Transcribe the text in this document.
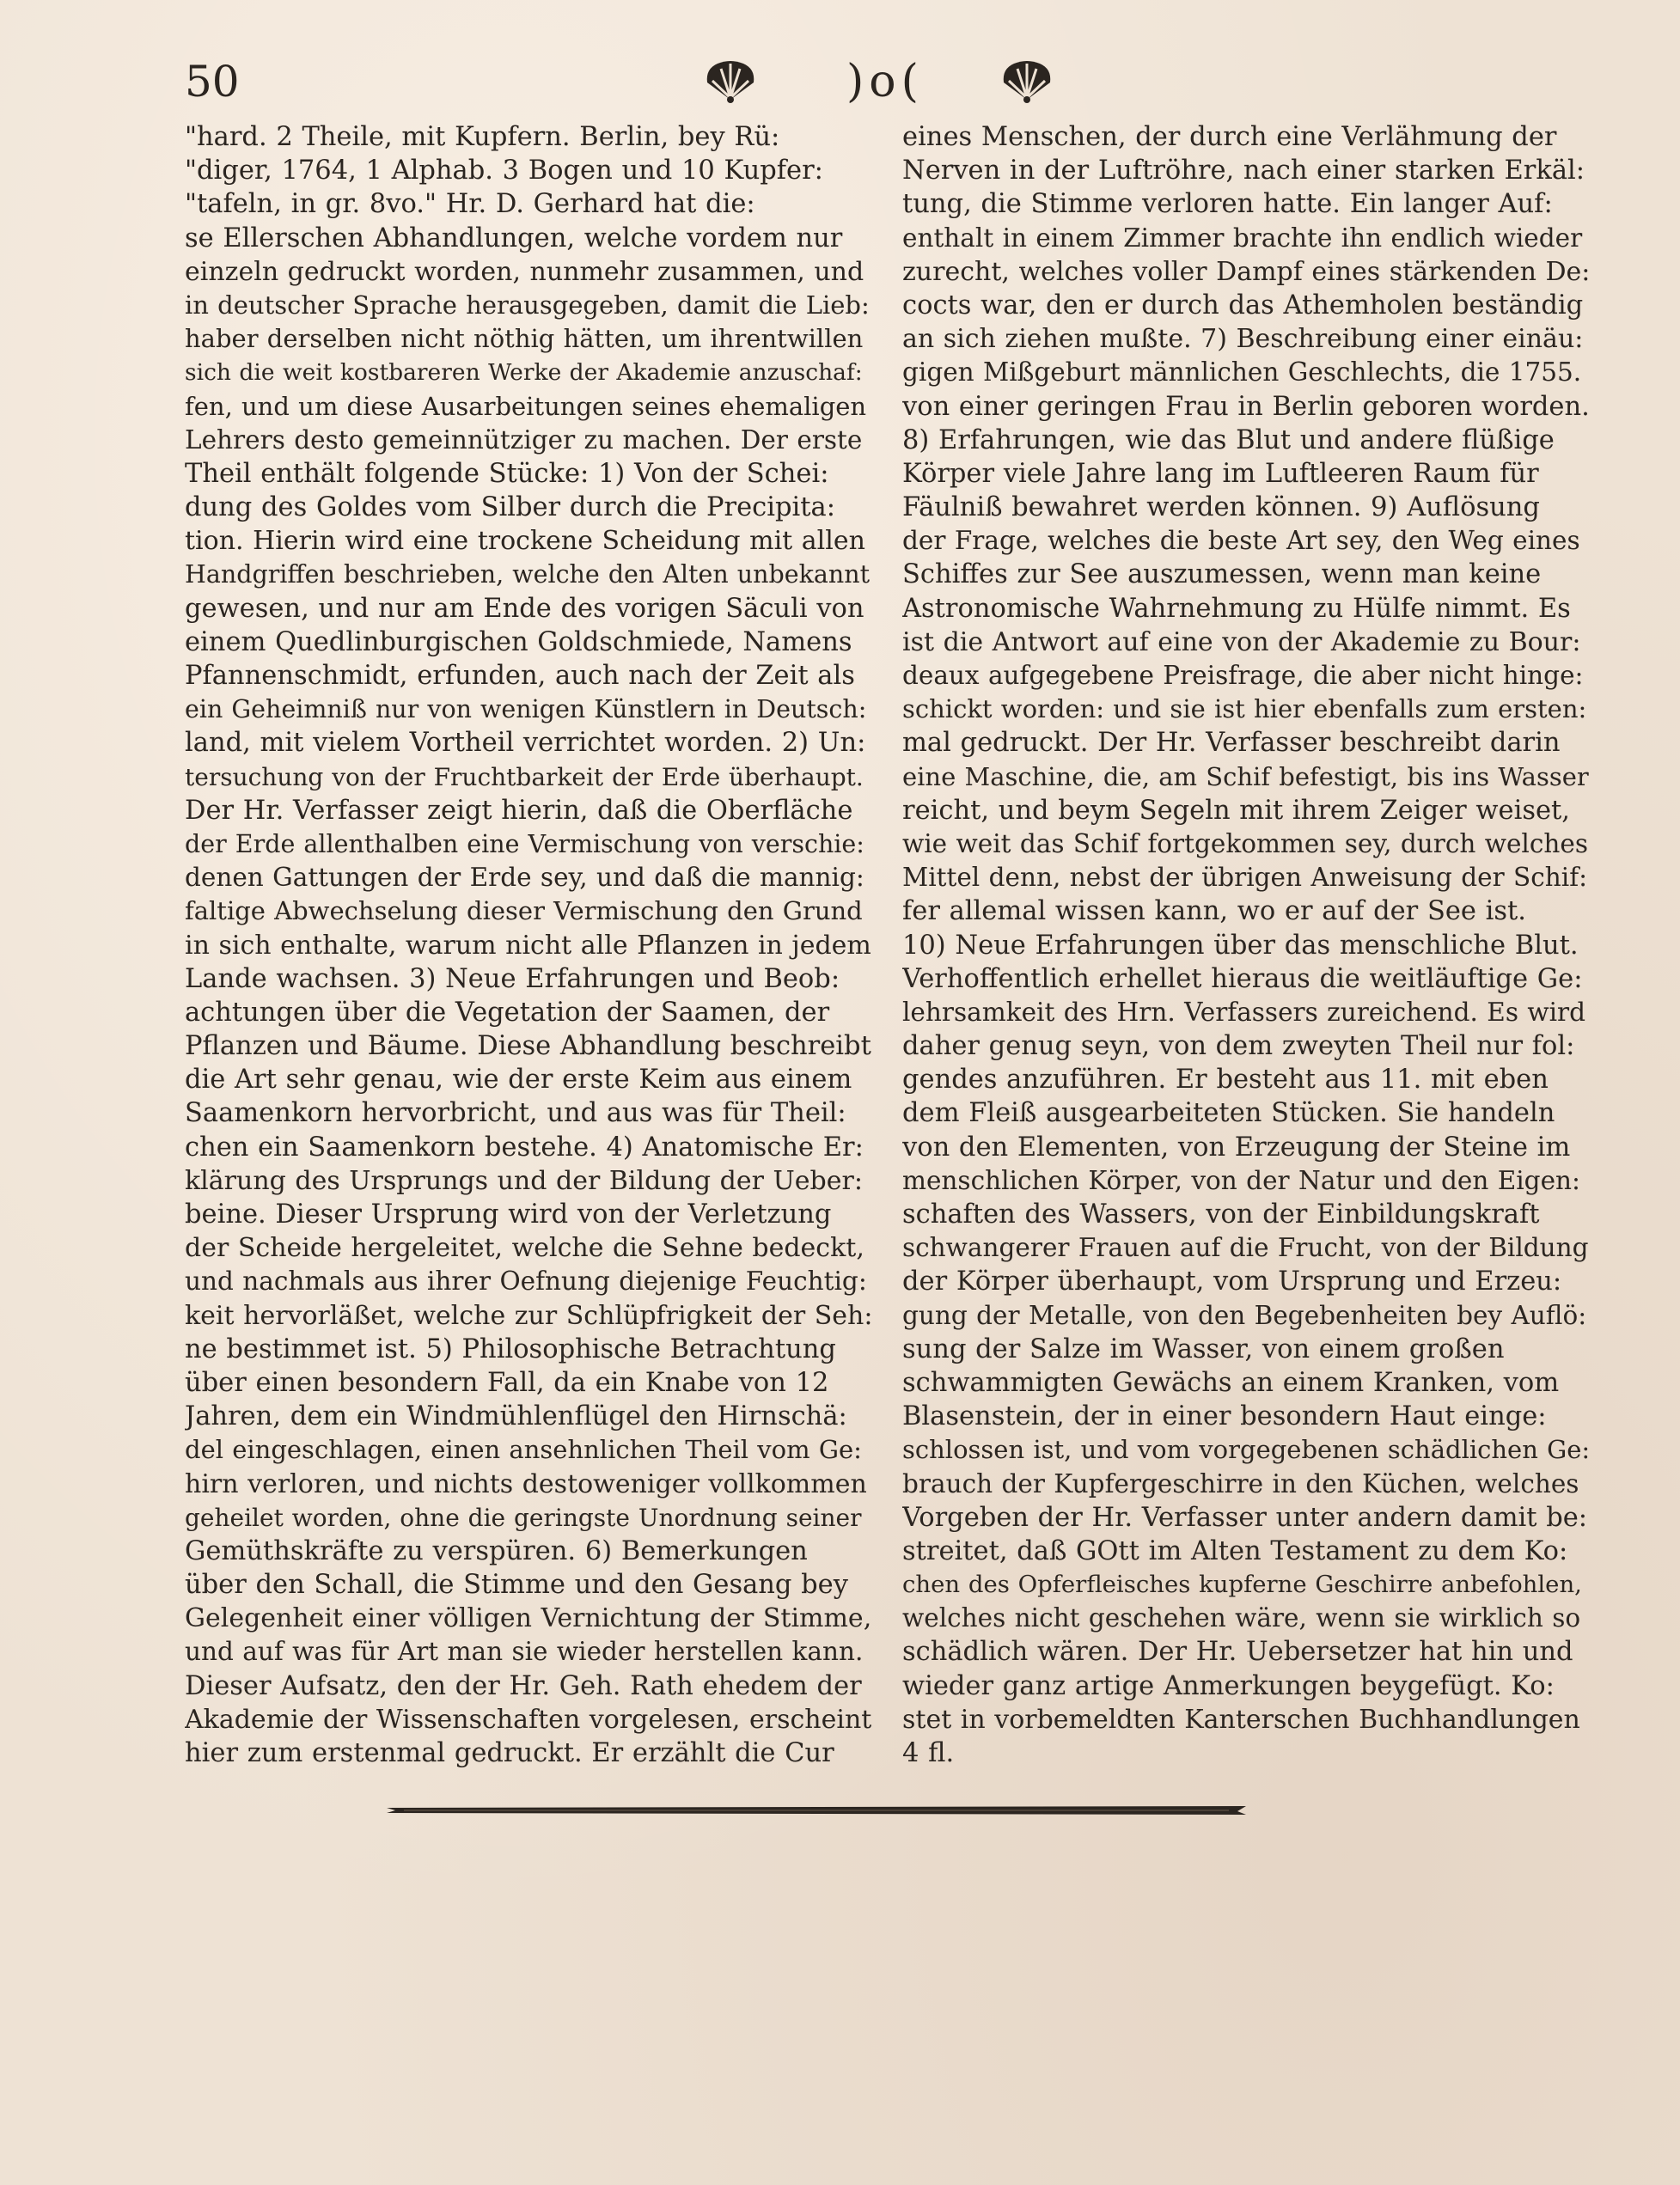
50	)o(
"hard. 2 Theile, mit Kupfern. Berlin, bey Rü:
"diger, 1764, 1 Alphab. 3 Bogen und 10 Kupfer:
"tafeln, in gr. 8vo." Hr. D. Gerhard hat die:
se Ellerschen Abhandlungen, welche vordem nur
einzeln gedruckt worden, nunmehr zusammen, und
in deutscher Sprache herausgegeben, damit die Lieb:
haber derselben nicht nöthig hätten, um ihrentwillen
sich die weit kostbareren Werke der Akademie anzuschaf:
fen, und um diese Ausarbeitungen seines ehemaligen
Lehrers desto gemeinnütziger zu machen. Der erste
Theil enthält folgende Stücke: 1) Von der Schei:
dung des Goldes vom Silber durch die Precipita:
tion. Hierin wird eine trockene Scheidung mit allen
Handgriffen beschrieben, welche den Alten unbekannt
gewesen, und nur am Ende des vorigen Säculi von
einem Quedlinburgischen Goldschmiede, Namens
Pfannenschmidt, erfunden, auch nach der Zeit als
ein Geheimniß nur von wenigen Künstlern in Deutsch:
land, mit vielem Vortheil verrichtet worden. 2) Un:
tersuchung von der Fruchtbarkeit der Erde überhaupt.
Der Hr. Verfasser zeigt hierin, daß die Oberfläche
der Erde allenthalben eine Vermischung von verschie:
denen Gattungen der Erde sey, und daß die mannig:
faltige Abwechselung dieser Vermischung den Grund
in sich enthalte, warum nicht alle Pflanzen in jedem
Lande wachsen. 3) Neue Erfahrungen und Beob:
achtungen über die Vegetation der Saamen, der
Pflanzen und Bäume. Diese Abhandlung beschreibt
die Art sehr genau, wie der erste Keim aus einem
Saamenkorn hervorbricht, und aus was für Theil:
chen ein Saamenkorn bestehe. 4) Anatomische Er:
klärung des Ursprungs und der Bildung der Ueber:
beine. Dieser Ursprung wird von der Verletzung
der Scheide hergeleitet, welche die Sehne bedeckt,
und nachmals aus ihrer Oefnung diejenige Feuchtig:
keit hervorläßet, welche zur Schlüpfrigkeit der Seh:
ne bestimmet ist. 5) Philosophische Betrachtung
über einen besondern Fall, da ein Knabe von 12
Jahren, dem ein Windmühlenflügel den Hirnschä:
del eingeschlagen, einen ansehnlichen Theil vom Ge:
hirn verloren, und nichts destoweniger vollkommen
geheilet worden, ohne die geringste Unordnung seiner
Gemüthskräfte zu verspüren. 6) Bemerkungen
über den Schall, die Stimme und den Gesang bey
Gelegenheit einer völligen Vernichtung der Stimme,
und auf was für Art man sie wieder herstellen kann.
Dieser Aufsatz, den der Hr. Geh. Rath ehedem der
Akademie der Wissenschaften vorgelesen, erscheint
hier zum erstenmal gedruckt. Er erzählt die Cur
eines Menschen, der durch eine Verlähmung der
Nerven in der Luftröhre, nach einer starken Erkäl:
tung, die Stimme verloren hatte. Ein langer Auf:
enthalt in einem Zimmer brachte ihn endlich wieder
zurecht, welches voller Dampf eines stärkenden De:
cocts war, den er durch das Athemholen beständig
an sich ziehen mußte. 7) Beschreibung einer einäu:
gigen Mißgeburt männlichen Geschlechts, die 1755.
von einer geringen Frau in Berlin geboren worden.
8) Erfahrungen, wie das Blut und andere flüßige
Körper viele Jahre lang im Luftleeren Raum für
Fäulniß bewahret werden können. 9) Auflösung
der Frage, welches die beste Art sey, den Weg eines
Schiffes zur See auszumessen, wenn man keine
Astronomische Wahrnehmung zu Hülfe nimmt. Es
ist die Antwort auf eine von der Akademie zu Bour:
deaux aufgegebene Preisfrage, die aber nicht hinge:
schickt worden: und sie ist hier ebenfalls zum ersten:
mal gedruckt. Der Hr. Verfasser beschreibt darin
eine Maschine, die, am Schif befestigt, bis ins Wasser
reicht, und beym Segeln mit ihrem Zeiger weiset,
wie weit das Schif fortgekommen sey, durch welches
Mittel denn, nebst der übrigen Anweisung der Schif:
fer allemal wissen kann, wo er auf der See ist.
10) Neue Erfahrungen über das menschliche Blut.
Verhoffentlich erhellet hieraus die weitläuftige Ge:
lehrsamkeit des Hrn. Verfassers zureichend. Es wird
daher genug seyn, von dem zweyten Theil nur fol:
gendes anzuführen. Er besteht aus 11. mit eben
dem Fleiß ausgearbeiteten Stücken. Sie handeln
von den Elementen, von Erzeugung der Steine im
menschlichen Körper, von der Natur und den Eigen:
schaften des Wassers, von der Einbildungskraft
schwangerer Frauen auf die Frucht, von der Bildung
der Körper überhaupt, vom Ursprung und Erzeu:
gung der Metalle, von den Begebenheiten bey Auflö:
sung der Salze im Wasser, von einem großen
schwammigten Gewächs an einem Kranken, vom
Blasenstein, der in einer besondern Haut einge:
schlossen ist, und vom vorgegebenen schädlichen Ge:
brauch der Kupfergeschirre in den Küchen, welches
Vorgeben der Hr. Verfasser unter andern damit be:
streitet, daß GOtt im Alten Testament zu dem Ko:
chen des Opferfleisches kupferne Geschirre anbefohlen,
welches nicht geschehen wäre, wenn sie wirklich so
schädlich wären. Der Hr. Uebersetzer hat hin und
wieder ganz artige Anmerkungen beygefügt. Ko:
stet in vorbemeldten Kanterschen Buchhandlungen
4 fl.
